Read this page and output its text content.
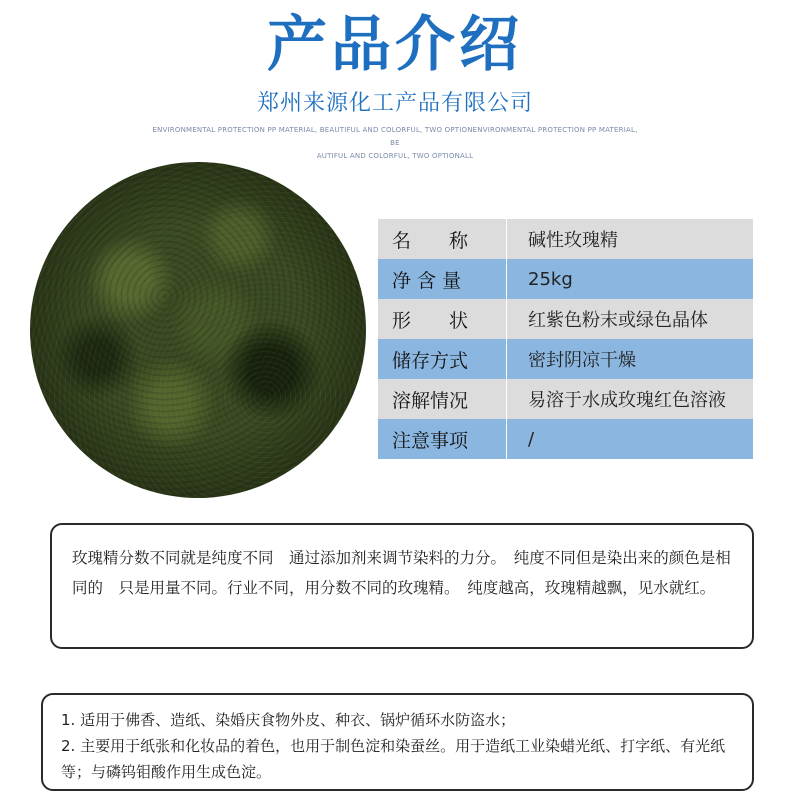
产品介绍
郑州来源化工产品有限公司
ENVIRONMENTAL PROTECTION PP MATERIAL, BEAUTIFUL AND COLORFUL, TWO OPTIONENVIRONMENTAL PROTECTION PP MATERIAL, BE
AUTIFUL AND COLORFUL, TWO OPTIONALL
名　　称	碱性玫瑰精
净 含 量	25kg
形　　状	红紫色粉末或绿色晶体
储存方式	密封阴凉干燥
溶解情况	易溶于水成玫瑰红色溶液
注意事项	/
玫瑰精分数不同就是纯度不同　通过添加剂来调节染料的力分。　纯度不同但是染出来的颜色是相同的　只是用量不同。行业不同，用分数不同的玫瑰精。　纯度越高，玫瑰精越飘，见水就红。
1. 适用于佛香、造纸、染婚庆食物外皮、种衣、锅炉循环水防盗水；
2. 主要用于纸张和化妆品的着色，也用于制色淀和染蚕丝。用于造纸工业染蜡光纸、打字纸、有光纸等；与磷钨钼酸作用生成色淀。
